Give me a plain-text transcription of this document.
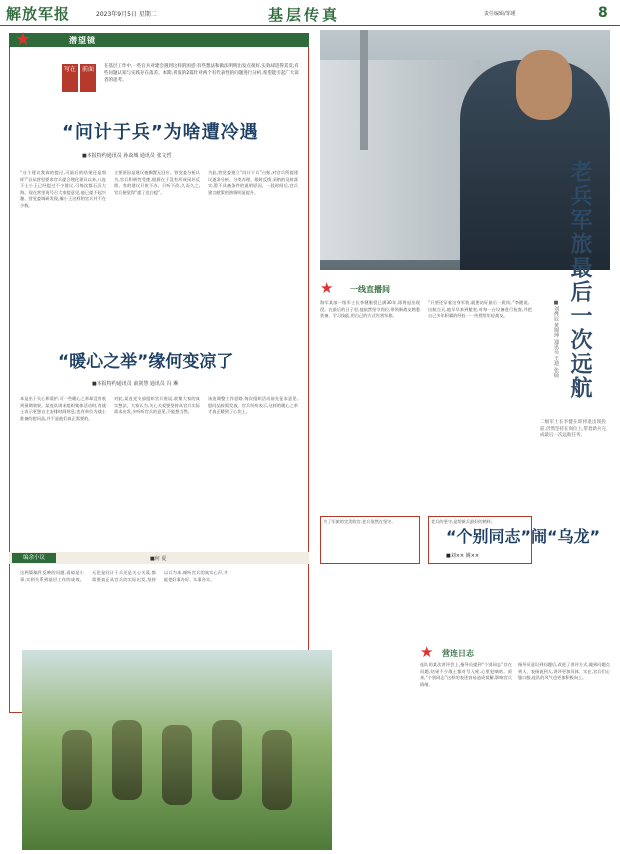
解放军报	2023年9月5日 星期二	基层传真	责任编辑/邹瑾	8
★	潜望镜
写在 前面	在基层工作中,一些官兵对建会遇到这样的困惑:有些想法和做法明明出发点很好,实效却适得其反;有些问题认知与实践存在落差。本期,刊发的2篇针对两个有代表性的问题进行分析,希望能引起广大读者的思考。
“问计于兵”为啥遭冷遇
■本报特约通讯员 孙焱城 通讯员 张文哲
“这个建议我真的提过,可最后的结果还是那样!”自从营里要求官兵提合理化建议以来,八连下士小王已经提过不少建议,可每次都石沉大海。现在营里再号召大家提意见,他已提不起兴趣。营党委调研发现,像小王这样的官兵并不在少数。
主要原因是建议被搁置无回应。营党委分析认为,官兵积极性受挫,根源在于没有形成闭环反馈。有的建议只收不办、只听不改,久而久之,官兵便觉得“提了也白提”。
为此,营党委建立“问计于兵”台账,对官兵所提建议逐条分析、分类办理、限时反馈,采纳的及时落实,暂不具备条件的说明原因。一段时间后,官兵建言献策的热情明显提升。
“暖心之举”缘何变凉了
■本报特约通讯员 俞剑慧 通讯员 冯 琳
本是出于关心和爱护,可一些暖心之举却没有收到预期效果。某连队周末组织集体活动时,有战士表示更想自主安排时间休息;也有单位为战士准备的慰问品,并不是他们真正需要的。
对此,某连党支部组织官兵座谈,收集大家的真实想法。大家认为,关心关爱要坚持从官兵实际需求出发,多听听官兵的意见,不能想当然。
该连调整工作思路,每次组织活动前先征求意见,慰问品按需发放。官兵纷纷表示,这样的暖心之举才真正暖到了心坎上。
编余小议	■何 夏
这两篇稿件反映的问题,看似是小事,实则关系到基层工作的成效。无论是问计于兵还是关心关爱,都需要真正从官兵的实际出发,坚持以兵为本,倾听官兵的真实心声,才能把好事办好、实事办实。
老兵军旅最后一次远航
■刘烨辰 黄锦坤 通讯员 王迪 张硕
二级军士长李健在即将退出现役前,仍然坚持在岗位上,带着新兵完成最后一次远航任务。
★ 一线直播间
海军某部一级军士长李健服役已满30年,即将退出现役。在最后的日子里,他依然坚守岗位,带领新战友熟悉装备、学习技能,用自己的方式告别军旅。
“只要还穿着这身军装,就要站好最后一班岗。”李健说。出航当天,他早早来到舱室,对每一台设备进行检查,并把自己多年积累的经验一一传授给年轻战友。
为了军旅的完美收官,老兵依然在坚守。	老兵的坚守,是给新兵最好的榜样。
“个别同志”闹“乌龙”
■刘×× 姚××
★ 营连日志
连队的某次讲评会上,指导员提到“个别同志”存在问题,结果不少战士都对号入座,心里犯嘀咕。原来,“个别同志”这样的表述容易造成误解,影响官兵情绪。
指导员意识到问题后,改进了讲评方式,做到问题点到人、表扬说到人,讲评更加具体、实在,官兵们心服口服,连队的风气也更加积极向上。
